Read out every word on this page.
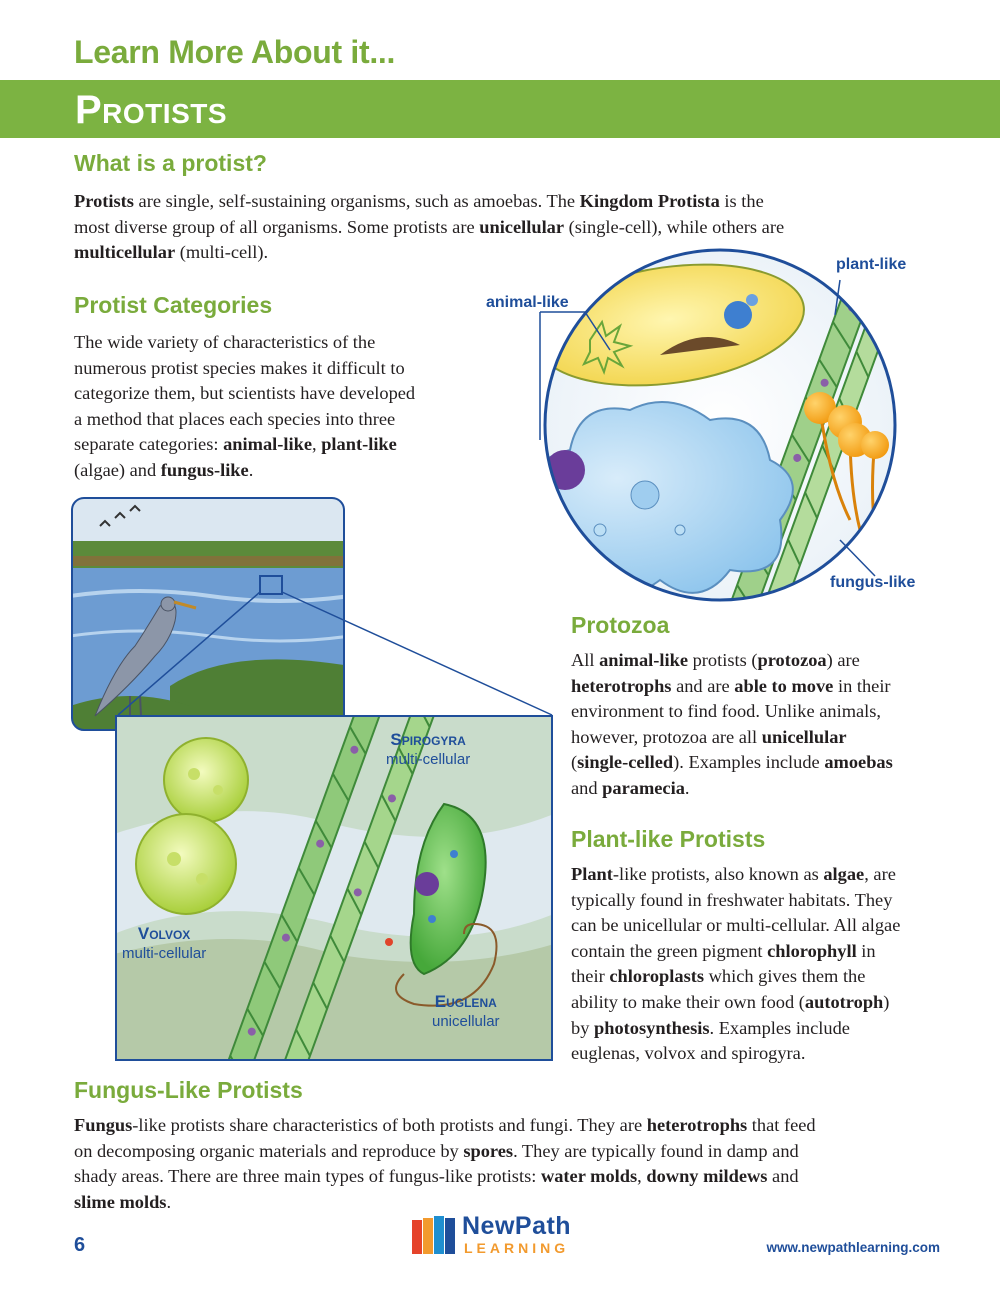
Learn More About it...
Protists
What is a protist?
Protists are single, self-sustaining organisms, such as amoebas. The Kingdom Protista is the
most diverse group of all organisms. Some protists are unicellular (single-cell), while others are
multicellular (multi-cell).
Protist Categories
The wide variety of characteristics of the
numerous protist species makes it difficult to
categorize them, but scientists have developed
a method that places each species into three
separate categories: animal-like, plant-like
(algae) and fungus-like.
animal-like
plant-like
fungus-like
Spirogyra
multi-cellular
Volvox
multi-cellular
Euglena
unicellular
Protozoa
All animal-like protists (protozoa) are
heterotrophs and are able to move in their
environment to find food. Unlike animals,
however, protozoa are all unicellular
(single-celled). Examples include amoebas
and paramecia.
Plant-like Protists
Plant-like protists, also known as algae, are
typically found in freshwater habitats. They
can be unicellular or multi-cellular. All algae
contain the green pigment chlorophyll in
their chloroplasts which gives them the
ability to make their own food (autotroph)
by photosynthesis. Examples include
euglenas, volvox and spirogyra.
Fungus-Like Protists
Fungus-like protists share characteristics of both protists and fungi. They are heterotrophs that feed
on decomposing organic materials and reproduce by spores. They are typically found in damp and
shady areas. There are three main types of fungus-like protists: water molds, downy mildews and
slime molds.
6
NewPath
LEARNING	www.newpathlearning.com
